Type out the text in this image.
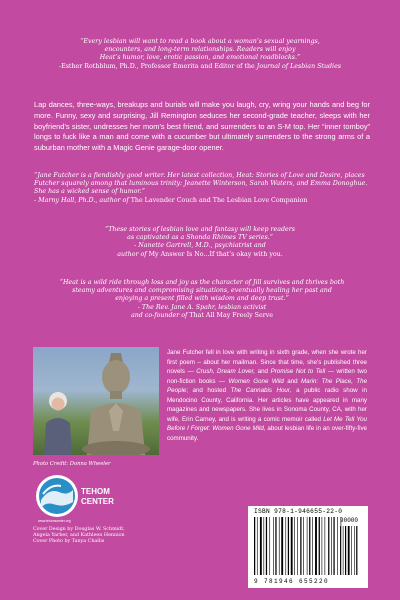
“Every lesbian will want to read a book about a woman’s sexual yearnings,
encounters, and long-term relationships. Readers will enjoy
Heat’s humor, love, erotic passion, and emotional roadblocks.”
-Esther Rothblum, Ph.D., Professor Emerita and Editor of the Journal of Lesbian Studies
Lap dances, three-ways, breakups and burials will make you laugh, cry, wring your hands and beg for more. Funny, sexy and surprising, Jill Remington seduces her second-grade teacher, sleeps with her boyfriend’s sister, undresses her mom’s best friend, and surrenders to an S-M top. Her “inner tomboy” longs to fuck like a man and come with a cucumber but ultimately surrenders to the strong arms of a suburban mother with a Magic Genie garage-door opener.
“Jane Futcher is a fiendishly good writer. Her latest collection, Heat: Stories of Love and Desire, places Futcher squarely among that luminous trinity: Jeanette Winterson, Sarah Waters, and Emma Donoghue. She has a wicked sense of humor.”
- Marny Hall, Ph.D., author of The Lavender Couch and The Lesbian Love Companion
“These stories of lesbian love and fantasy will keep readers
as captivated as a Shonda Rhimes TV series.”
- Nanette Gartrell, M.D., psychiatrist and
author of My Answer Is No...If that’s okay with you.
“Heat is a wild ride through loss and joy as the character of Jill survives and thrives both
steamy adventures and compromising situations, eventually healing her past and
enjoying a present filled with wisdom and deep trust.”
- The Rev. Jane A. Spahr, lesbian activist
and co-founder of That All May Freely Serve
Photo Credit: Donna Wheeler
Jane Futcher fell in love with writing in sixth grade, when she wrote her first poem – about her mailman. Since that time, she’s published three novels — Crush, Dream Lover, and Promise Not to Tell — written two non-fiction books — Women Gone Wild and Marin: The Place, The People; and hosted The Cannabis Hour, a public radio show in Mendocino County, California. Her articles have appeared in many magazines and newspapers. She lives in Sonoma County, CA, with her wife, Erin Carney, and is writing a comic memoir called Let Me Tell You Before I Forget: Women Gone Mild, about lesbian life in an over-fifty-five community.
TEHOM
CENTER
www.tehomcenter.org
Cover Design by Douglas W. Schmidt,
Angela Yarber, and Kathleen Hennion
Cover Photo by Tanya Challis
ISBN 978-1-946655-22-0
90000
9 781946 655220
